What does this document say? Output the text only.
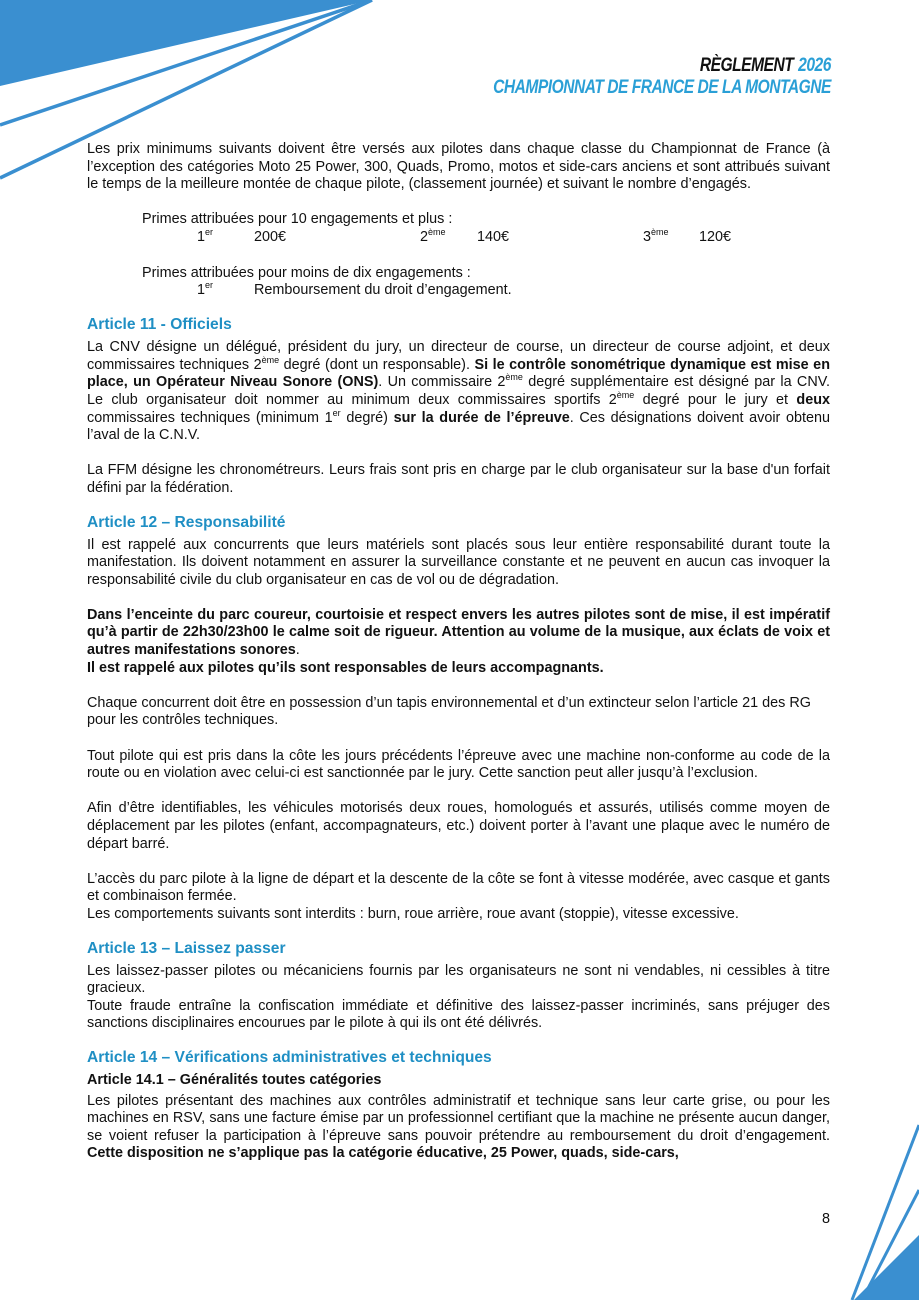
RÈGLEMENT 2026
CHAMPIONNAT DE FRANCE DE LA MONTAGNE

Les prix minimums suivants doivent être versés aux pilotes dans chaque classe du Championnat de France (à l’exception des catégories Moto 25 Power, 300, Quads, Promo, motos et side-cars anciens et sont attribués suivant le temps de la meilleure montée de chaque pilote, (classement journée) et suivant le nombre d’engagés.

Primes attribuées pour 10 engagements et plus :
1er	200€	2ème 140€	3ème 120€
Primes attribuées pour moins de dix engagements :
1er	Remboursement du droit d’engagement.
Article 11 - Officiels

La CNV désigne un délégué, président du jury, un directeur de course, un directeur de course adjoint, et deux commissaires techniques 2ème degré (dont un responsable). Si le contrôle sonométrique dynamique est mise en place, un Opérateur Niveau Sonore (ONS). Un commissaire 2ème degré supplémentaire est désigné par la CNV. Le club organisateur doit nommer au minimum deux commissaires sportifs 2ème degré pour le jury et deux commissaires techniques (minimum 1er degré) sur la durée de l’épreuve. Ces désignations doivent avoir obtenu l’aval de la C.N.V.

La FFM désigne les chronométreurs. Leurs frais sont pris en charge par le club organisateur sur la base d'un forfait défini par la fédération.

Article 12 – Responsabilité

Il est rappelé aux concurrents que leurs matériels sont placés sous leur entière responsabilité durant toute la manifestation. Ils doivent notamment en assurer la surveillance constante et ne peuvent en aucun cas invoquer la responsabilité civile du club organisateur en cas de vol ou de dégradation.

Dans l’enceinte du parc coureur, courtoisie et respect envers les autres pilotes sont de mise, il est impératif qu’à partir de 22h30/23h00 le calme soit de rigueur. Attention au volume de la musique, aux éclats de voix et autres manifestations sonores.

Il est rappelé aux pilotes qu’ils sont responsables de leurs accompagnants.

Chaque concurrent doit être en possession d’un tapis environnemental et d’un extincteur selon l’article 21 des RG pour les contrôles techniques.

Tout pilote qui est pris dans la côte les jours précédents l’épreuve avec une machine non-conforme au code de la route ou en violation avec celui-ci est sanctionnée par le jury. Cette sanction peut aller jusqu’à l’exclusion.

Afin d’être identifiables, les véhicules motorisés deux roues, homologués et assurés, utilisés comme moyen de déplacement par les pilotes (enfant, accompagnateurs, etc.) doivent porter à l’avant une plaque avec le numéro de départ barré.

L’accès du parc pilote à la ligne de départ et la descente de la côte se font à vitesse modérée, avec casque et gants et combinaison fermée.

Les comportements suivants sont interdits : burn, roue arrière, roue avant (stoppie), vitesse excessive.

Article 13 – Laissez passer

Les laissez-passer pilotes ou mécaniciens fournis par les organisateurs ne sont ni vendables, ni cessibles à titre gracieux.

Toute fraude entraîne la confiscation immédiate et définitive des laissez-passer incriminés, sans préjuger des sanctions disciplinaires encourues par le pilote à qui ils ont été délivrés.

Article 14 – Vérifications administratives et techniques
Article 14.1 – Généralités toutes catégories

Les pilotes présentant des machines aux contrôles administratif et technique sans leur carte grise, ou pour les machines en RSV, sans une facture émise par un professionnel certifiant que la machine ne présente aucun danger, se voient refuser la participation à l’épreuve sans pouvoir prétendre au remboursement du droit d’engagement. Cette disposition ne s’applique pas la catégorie éducative, 25 Power, quads, side-cars,

8
